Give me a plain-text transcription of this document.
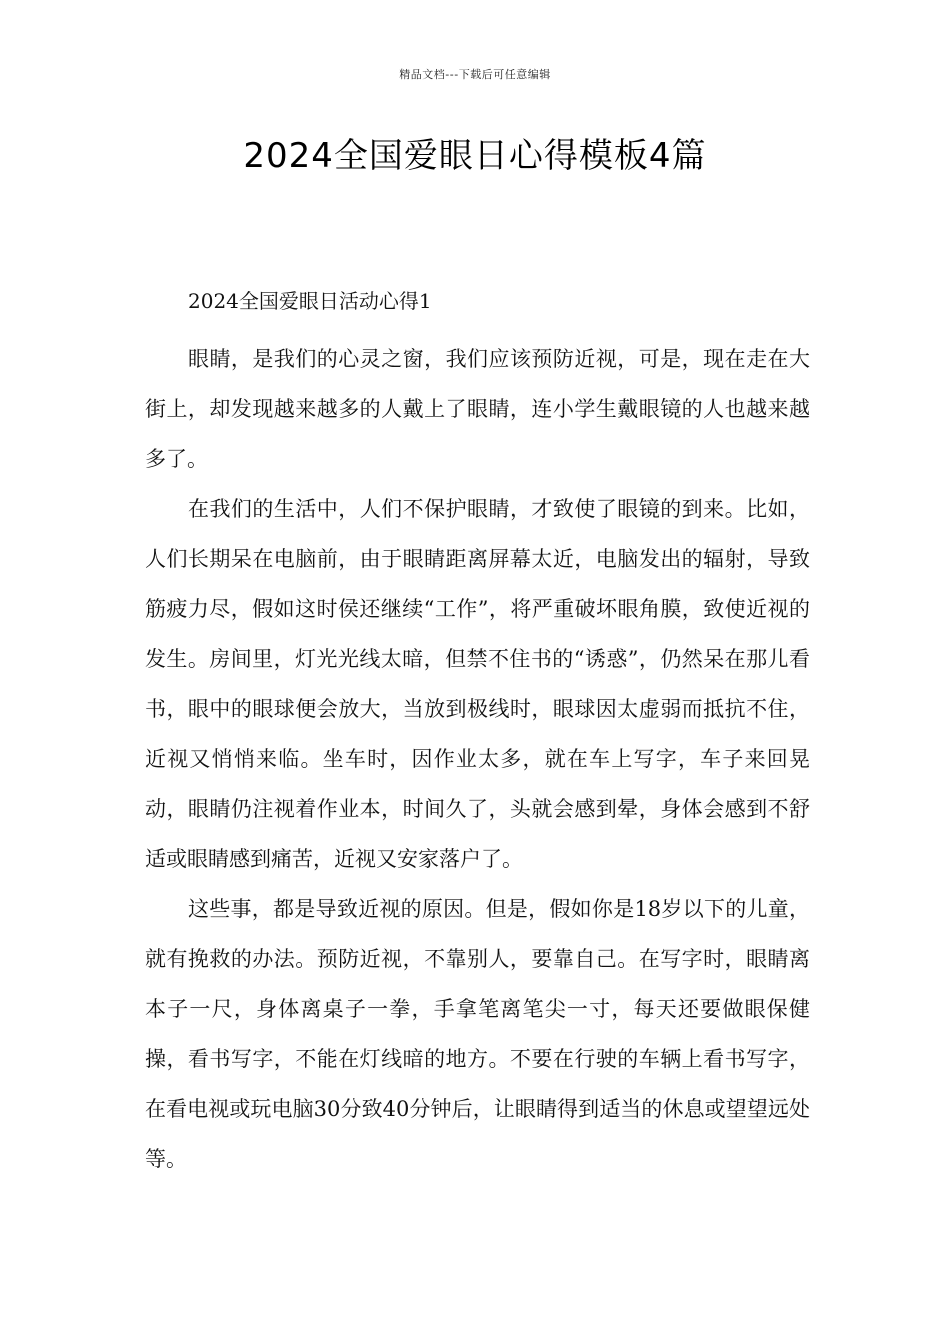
精品文档---下载后可任意编辑
2024全国爱眼日心得模板4篇

2024全国爱眼日活动心得1

眼睛，是我们的心灵之窗，我们应该预防近视，可是，现在走在大街上，却发现越来越多的人戴上了眼睛，连小学生戴眼镜的人也越来越多了。

在我们的生活中，人们不保护眼睛，才致使了眼镜的到来。比如，人们长期呆在电脑前，由于眼睛距离屏幕太近，电脑发出的辐射，导致筋疲力尽，假如这时侯还继续“工作”，将严重破坏眼角膜，致使近视的发生。房间里，灯光光线太暗，但禁不住书的“诱惑”，仍然呆在那儿看书，眼中的眼球便会放大，当放到极线时，眼球因太虚弱而抵抗不住，近视又悄悄来临。坐车时，因作业太多，就在车上写字，车子来回晃动，眼睛仍注视着作业本，时间久了，头就会感到晕，身体会感到不舒适或眼睛感到痛苦，近视又安家落户了。

这些事，都是导致近视的原因。但是，假如你是18岁以下的儿童，就有挽救的办法。预防近视，不靠别人，要靠自己。在写字时，眼睛离本子一尺，身体离桌子一拳，手拿笔离笔尖一寸，每天还要做眼保健操，看书写字，不能在灯线暗的地方。不要在行驶的车辆上看书写字，在看电视或玩电脑30分致40分钟后，让眼睛得到适当的休息或望望远处等。
